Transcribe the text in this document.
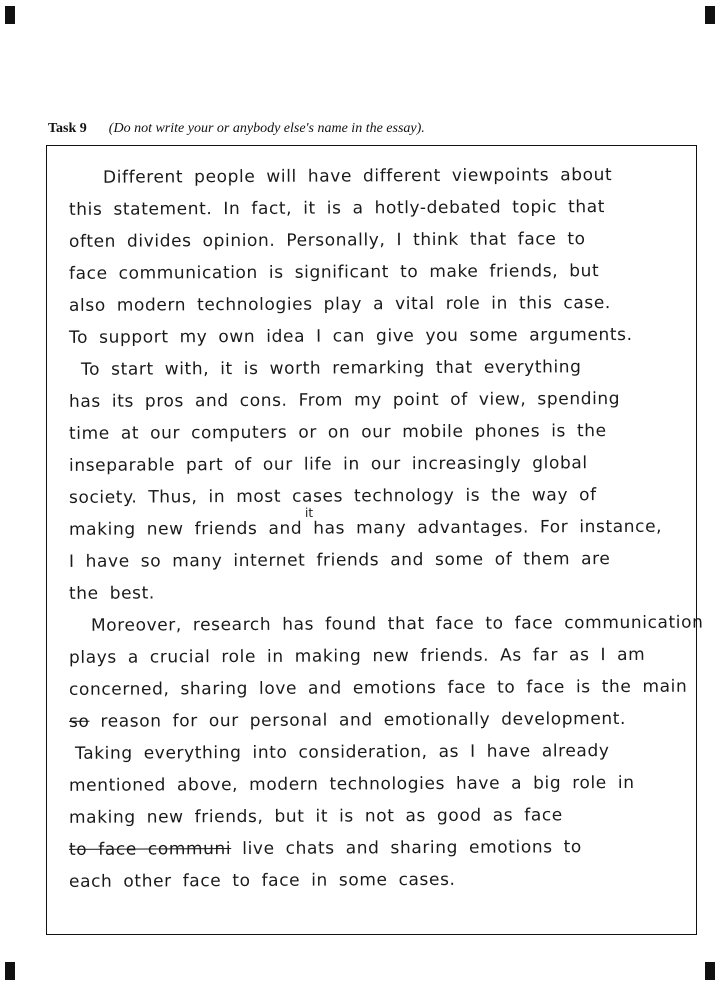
Task 9 (Do not write your or anybody else's name in the essay).
Different people will have different viewpoints about
this statement. In fact, it is a hotly-debated topic that
often divides opinion. Personally, I think that face to
face communication is significant to make friends, but
also modern technologies play a vital role in this case.
To support my own idea I can give you some arguments.
To start with, it is worth remarking that everything
has its pros and cons. From my point of view, spending
time at our computers or on our mobile phones is the
inseparable part of our life in our increasingly global
society. Thus, in most cases technology is the way of
making new friends and has many advantages. For instance,
I have so many internet friends and some of them are
the best.
Moreover, research has found that face to face communication
plays a crucial role in making new friends. As far as I am
concerned, sharing love and emotions face to face is the main
so reason for our personal and emotionally development.
Taking everything into consideration, as I have already
mentioned above, modern technologies have a big role in
making new friends, but it is not as good as face
to face communi live chats and sharing emotions to
each other face to face in some cases.
it
